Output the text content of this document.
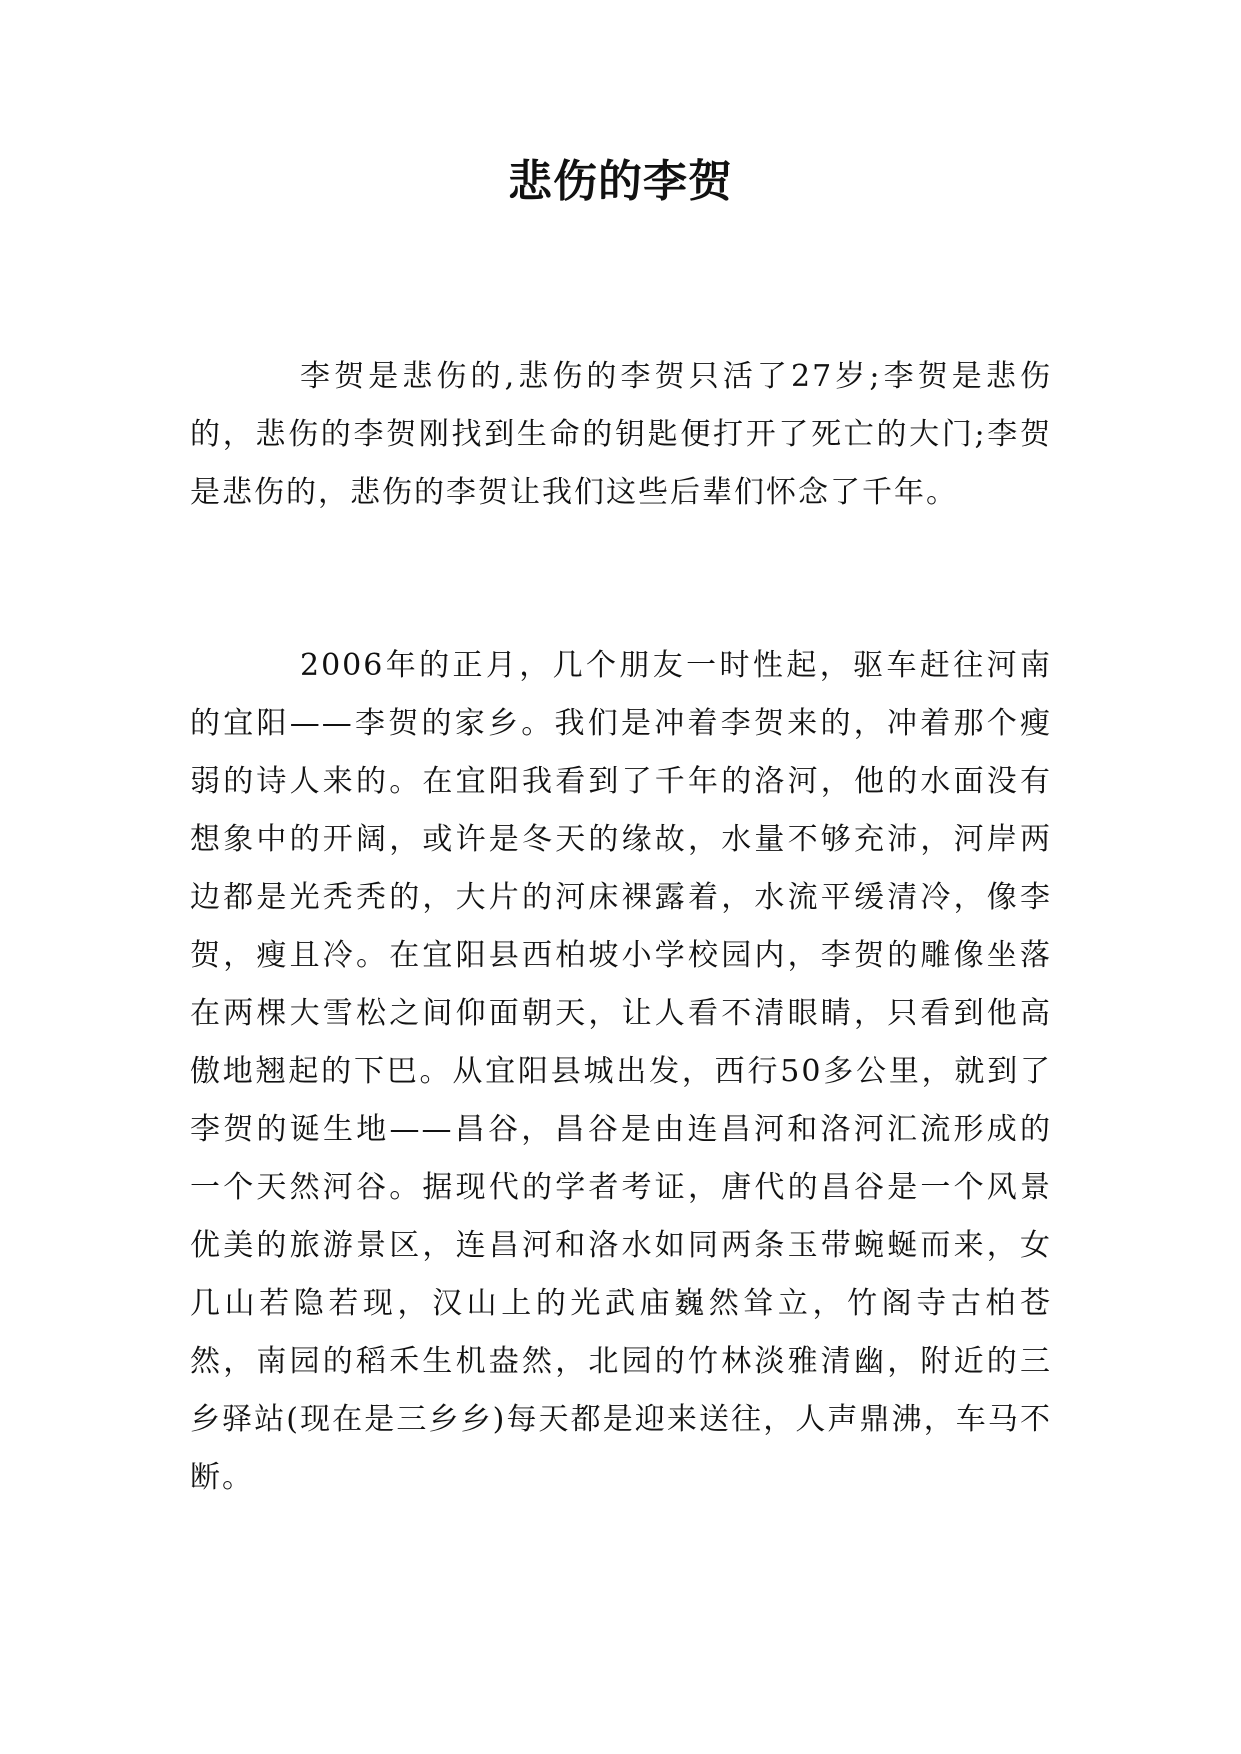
悲伤的李贺

李贺是悲伤的,悲伤的李贺只活了27岁;李贺是悲伤的，悲伤的李贺刚找到生命的钥匙便打开了死亡的大门;李贺是悲伤的，悲伤的李贺让我们这些后辈们怀念了千年。

2006年的正月，几个朋友一时性起，驱车赶往河南的宜阳——李贺的家乡。我们是冲着李贺来的，冲着那个瘦弱的诗人来的。在宜阳我看到了千年的洛河，他的水面没有想象中的开阔，或许是冬天的缘故，水量不够充沛，河岸两边都是光秃秃的，大片的河床裸露着，水流平缓清冷，像李贺，瘦且冷。在宜阳县西柏坡小学校园内，李贺的雕像坐落在两棵大雪松之间仰面朝天，让人看不清眼睛，只看到他高傲地翘起的下巴。从宜阳县城出发，西行50多公里，就到了李贺的诞生地——昌谷，昌谷是由连昌河和洛河汇流形成的一个天然河谷。据现代的学者考证，唐代的昌谷是一个风景优美的旅游景区，连昌河和洛水如同两条玉带蜿蜒而来，女几山若隐若现，汉山上的光武庙巍然耸立，竹阁寺古柏苍然，南园的稻禾生机盎然，北园的竹林淡雅清幽，附近的三乡驿站(现在是三乡乡)每天都是迎来送往，人声鼎沸，车马不断。
